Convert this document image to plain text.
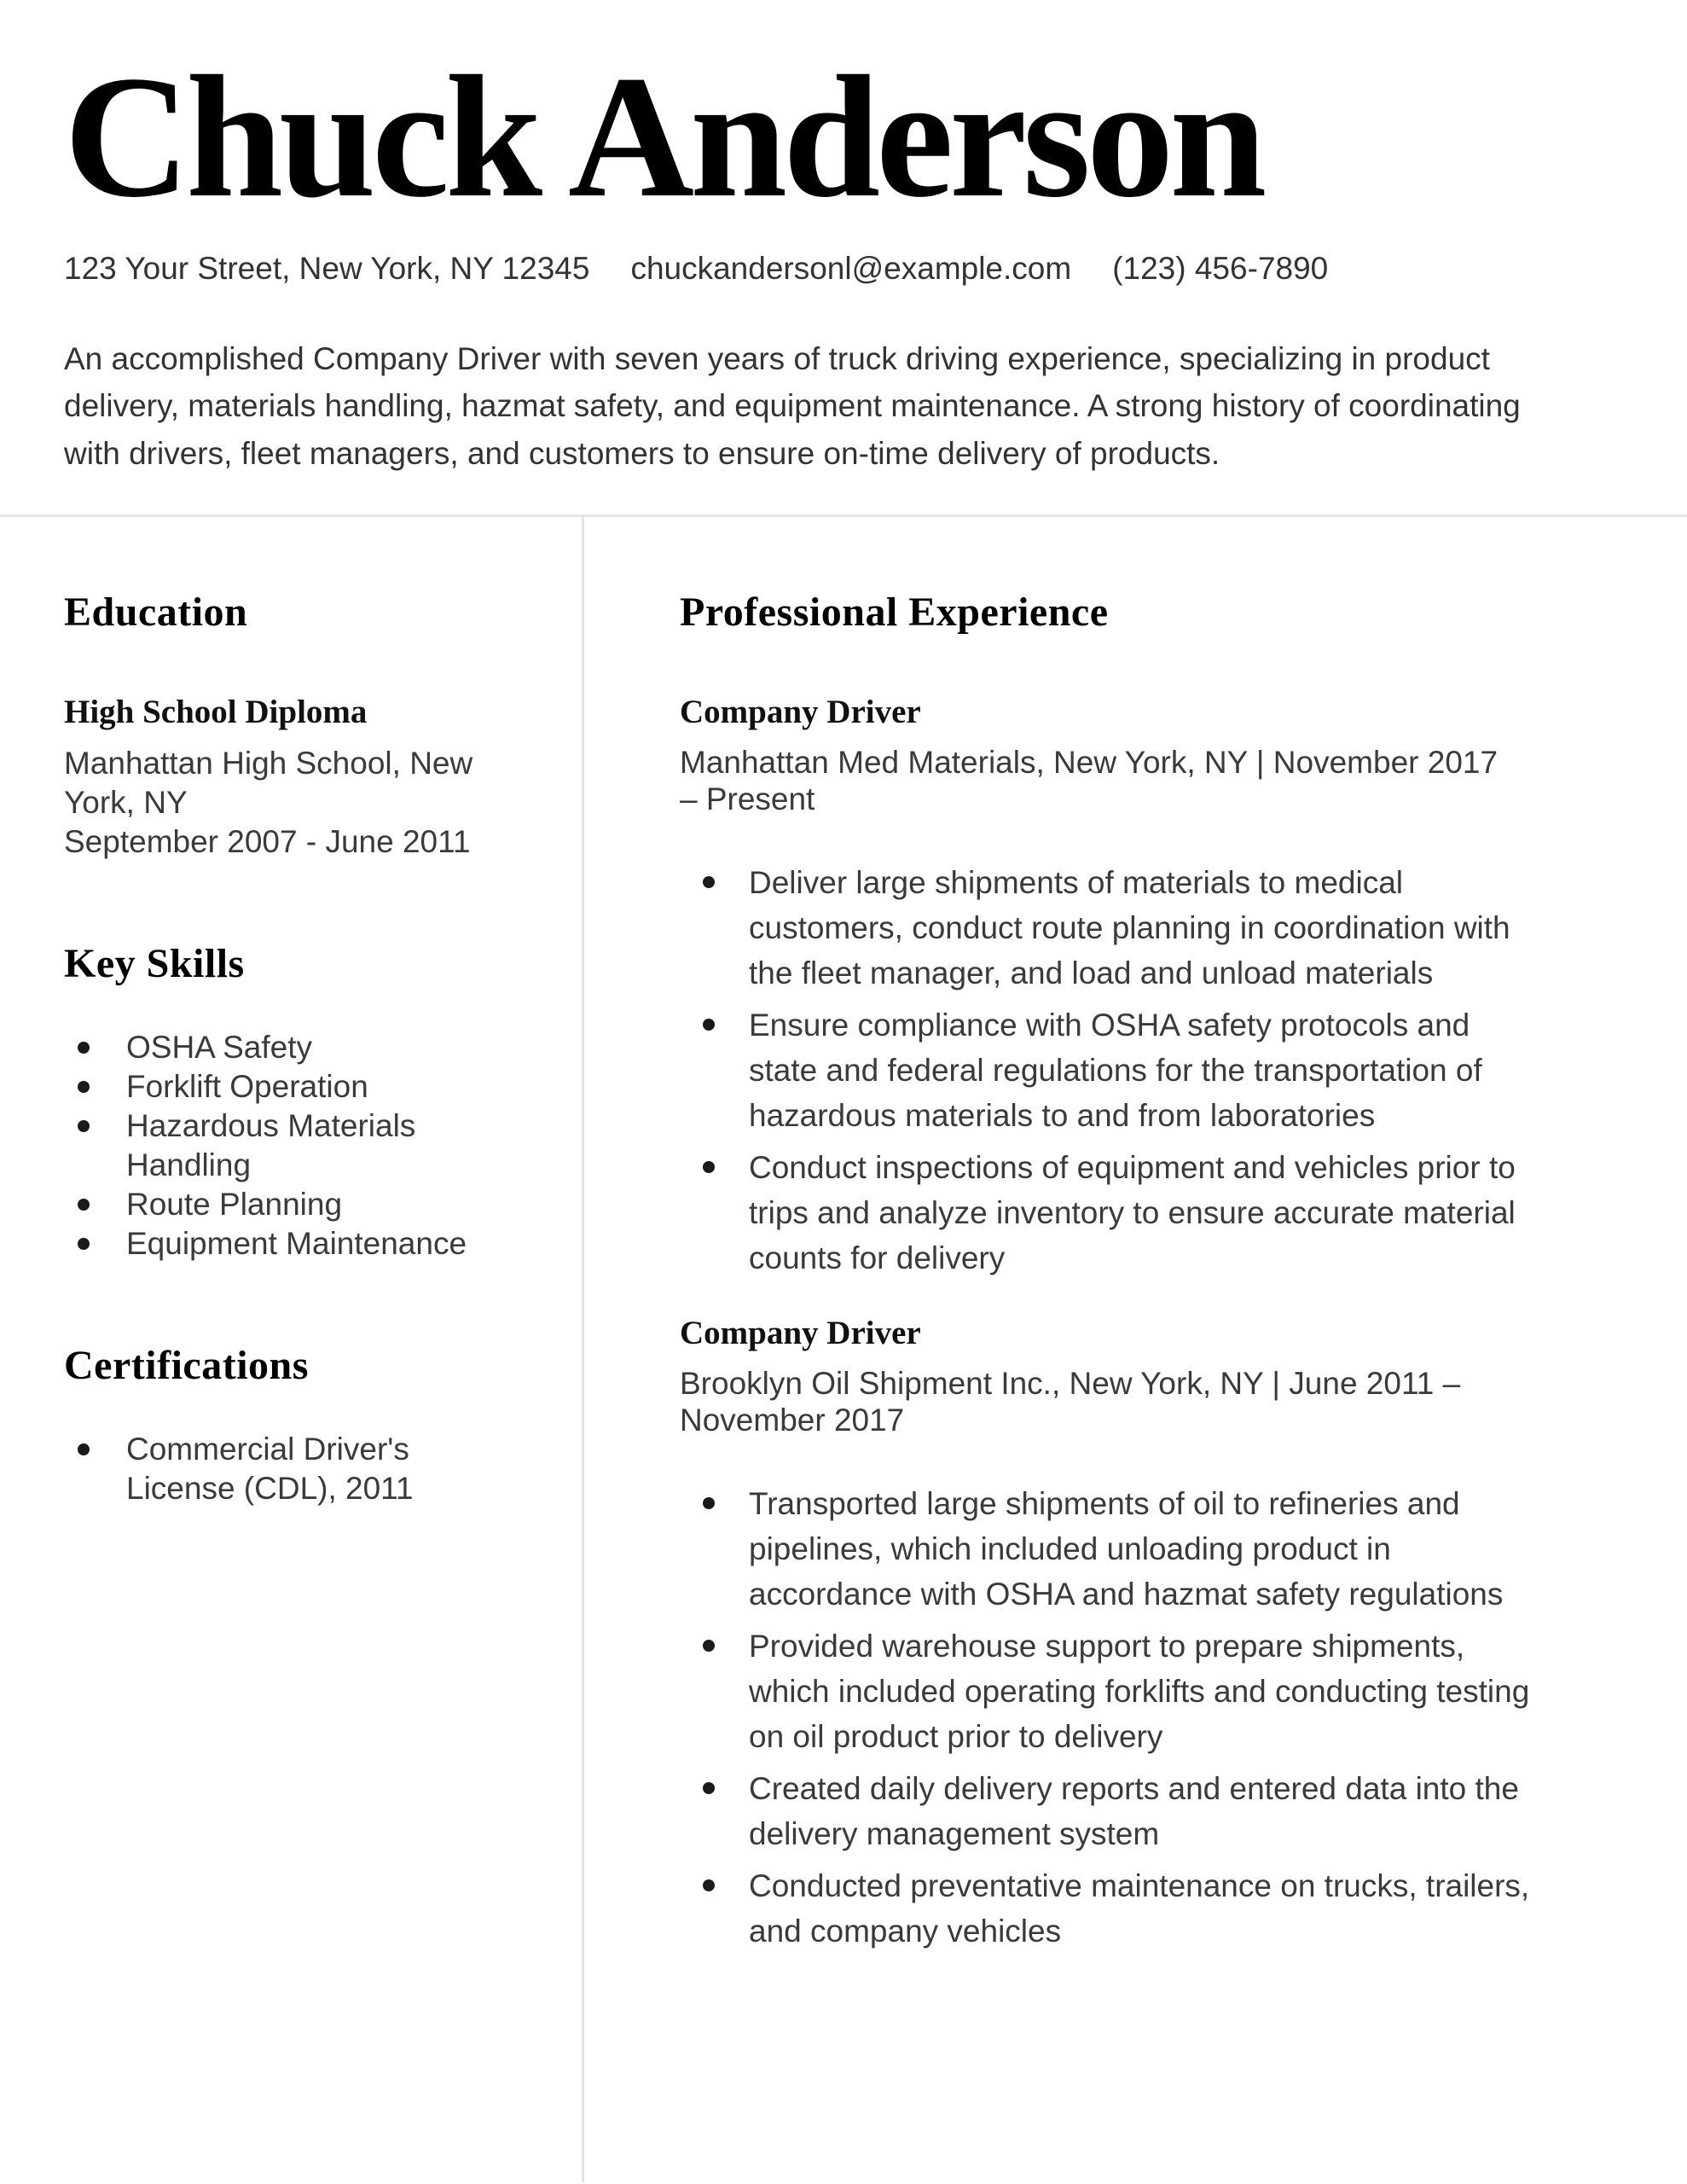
Chuck Anderson
123 Your Street, New York, NY 12345 chuckandersonl@example.com (123) 456-7890

An accomplished Company Driver with seven years of truck driving experience, specializing in product delivery, materials handling, hazmat safety, and equipment maintenance. A strong history of coordinating with drivers, fleet managers, and customers to ensure on-time delivery of products.

Education
High School Diploma
Manhattan High School, New York, NY
September 2007 - June 2011
Key Skills
OSHA Safety
Forklift Operation
Hazardous Materials Handling
Route Planning
Equipment Maintenance
Certifications
Commercial Driver's License (CDL), 2011
Professional Experience
Company Driver

Manhattan Med Materials, New York, NY | November 2017 – Present

Deliver large shipments of materials to medical customers, conduct route planning in coordination with the fleet manager, and load and unload materials
Ensure compliance with OSHA safety protocols and state and federal regulations for the transportation of hazardous materials to and from laboratories
Conduct inspections of equipment and vehicles prior to trips and analyze inventory to ensure accurate material counts for delivery
Company Driver

Brooklyn Oil Shipment Inc., New York, NY | June 2011 – November 2017

Transported large shipments of oil to refineries and pipelines, which included unloading product in accordance with OSHA and hazmat safety regulations
Provided warehouse support to prepare shipments, which included operating forklifts and conducting testing on oil product prior to delivery
Created daily delivery reports and entered data into the delivery management system
Conducted preventative maintenance on trucks, trailers, and company vehicles
